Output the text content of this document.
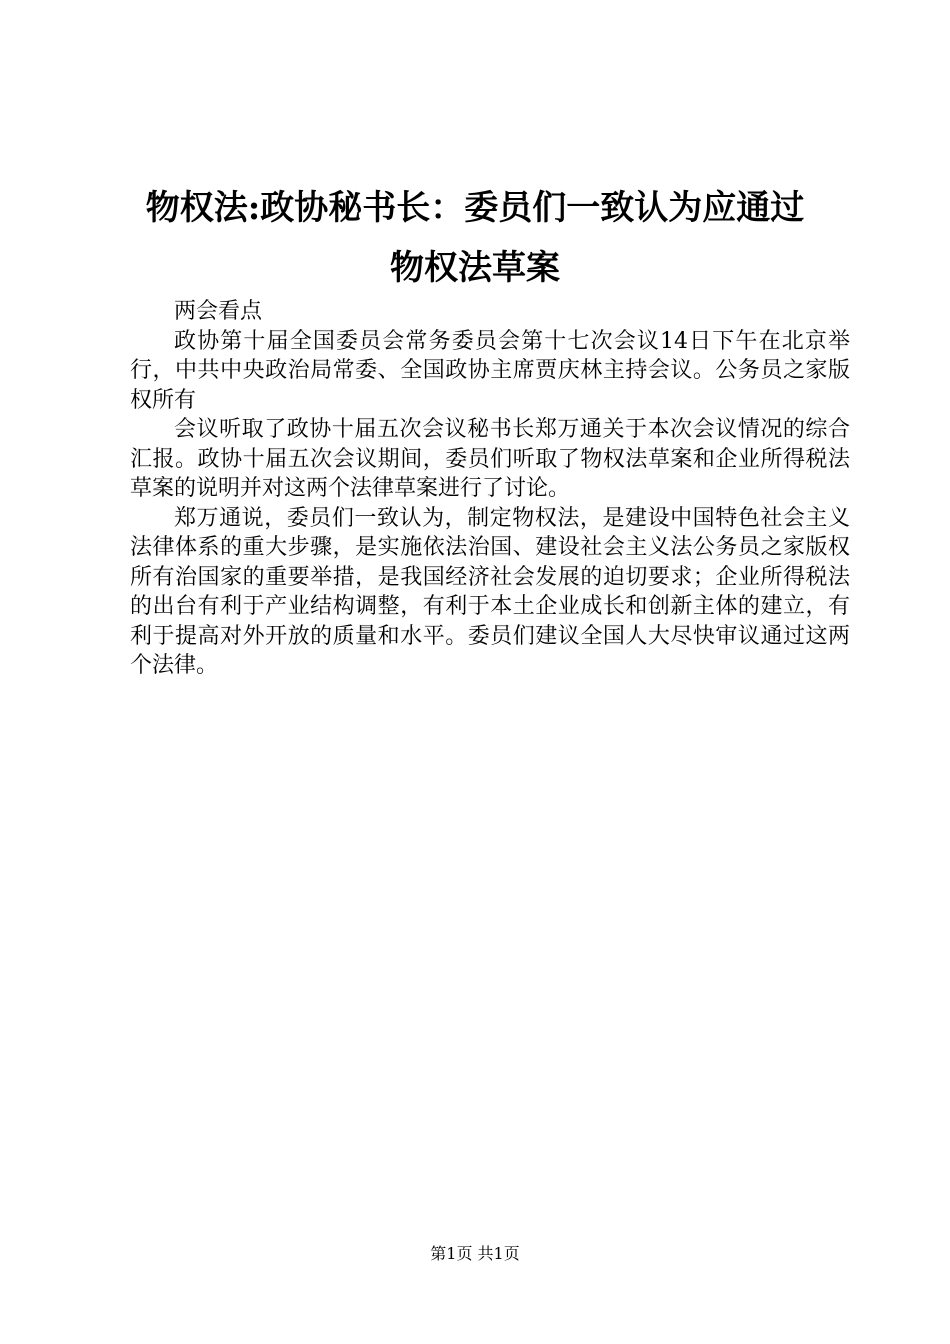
物权法:政协秘书长：委员们一致认为应通过
物权法草案

两会看点

政协第十届全国委员会常务委员会第十七次会议14日下午在北京举行，中共中央政治局常委、全国政协主席贾庆林主持会议。公务员之家版权所有

会议听取了政协十届五次会议秘书长郑万通关于本次会议情况的综合汇报。政协十届五次会议期间，委员们听取了物权法草案和企业所得税法草案的说明并对这两个法律草案进行了讨论。

郑万通说，委员们一致认为，制定物权法，是建设中国特色社会主义法律体系的重大步骤，是实施依法治国、建设社会主义法公务员之家版权所有治国家的重要举措，是我国经济社会发展的迫切要求；企业所得税法的出台有利于产业结构调整，有利于本土企业成长和创新主体的建立，有利于提高对外开放的质量和水平。委员们建议全国人大尽快审议通过这两个法律。

第1页 共1页
